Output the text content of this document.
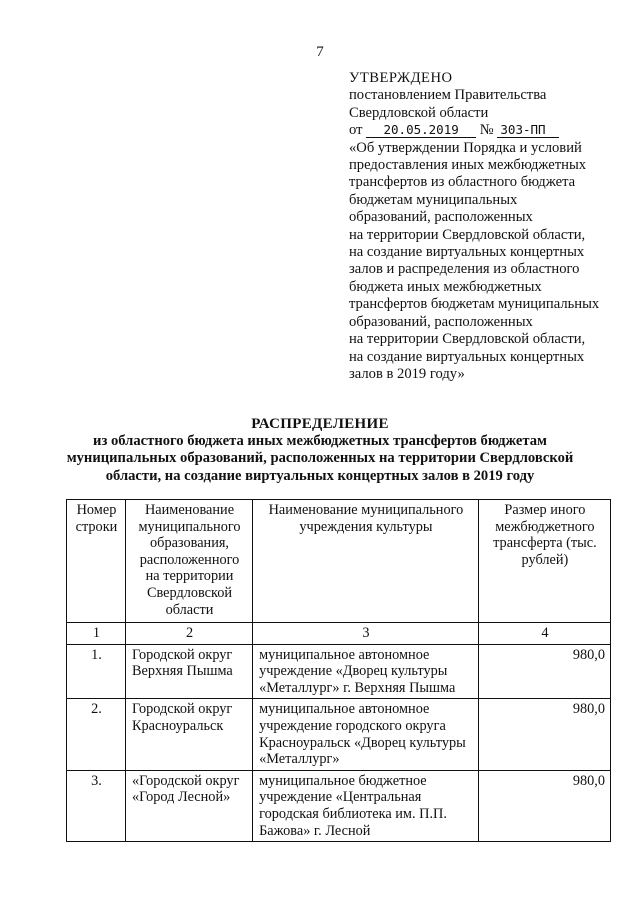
7
УТВЕРЖДЕНО
постановлением Правительства
Свердловской области
от 20.05.2019 № 303-ПП
«Об утверждении Порядка и условий
предоставления иных межбюджетных
трансфертов из областного бюджета
бюджетам муниципальных
образований, расположенных
на территории Свердловской области,
на создание виртуальных концертных
залов и распределения из областного
бюджета иных межбюджетных
трансфертов бюджетам муниципальных
образований, расположенных
на территории Свердловской области,
на создание виртуальных концертных
залов в 2019 году»
РАСПРЕДЕЛЕНИЕ
из областного бюджета иных межбюджетных трансфертов бюджетам
муниципальных образований, расположенных на территории Свердловской
области, на создание виртуальных концертных залов в 2019 году
Номер строки	Наименование муниципального образования, расположенного на территории Свердловской области	Наименование муниципального учреждения культуры	Размер иного межбюджетного трансферта (тыс. рублей)
1	2	3	4
1.	Городской округ Верхняя Пышма	муниципальное автономное учреждение «Дворец культуры «Металлург» г. Верхняя Пышма	980,0
2.	Городской округ Красноуральск	муниципальное автономное учреждение городского округа Красноуральск «Дворец культуры «Металлург»	980,0
3.	«Городской округ «Город Лесной»	муниципальное бюджетное учреждение «Центральная городская библиотека им. П.П. Бажова» г. Лесной	980,0
